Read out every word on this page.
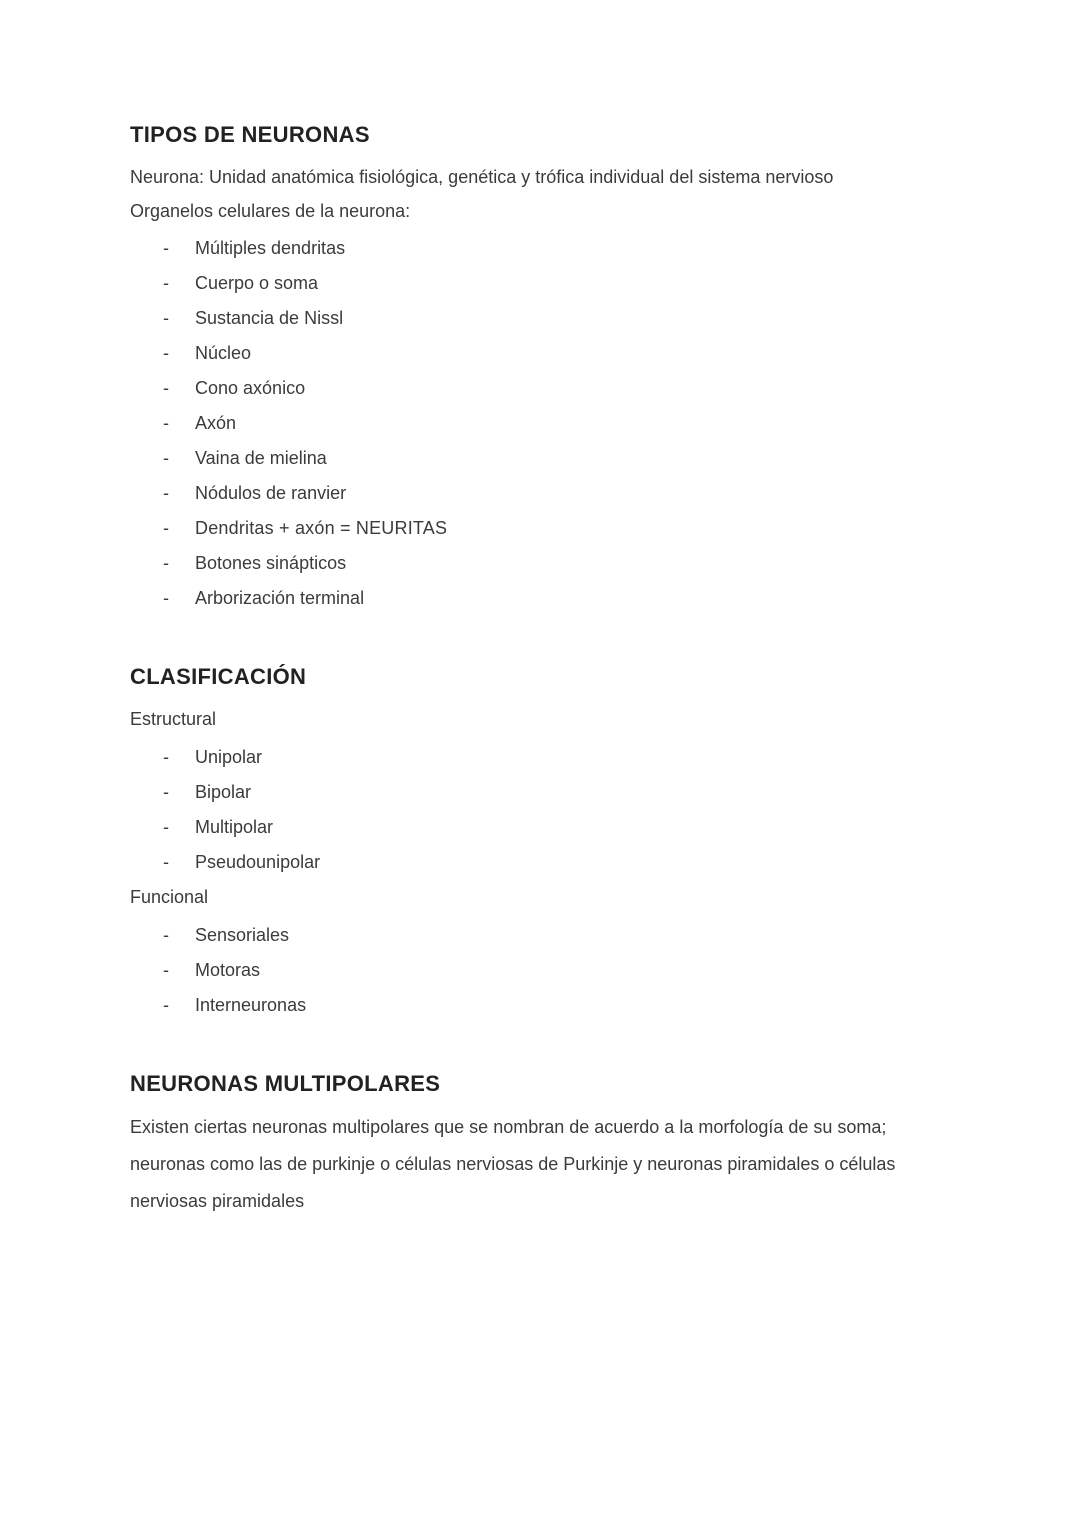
TIPOS DE NEURONAS

Neurona: Unidad anatómica fisiológica, genética y trófica individual del sistema nervioso

Organelos celulares de la neurona:

-	Múltiples dendritas
-	Cuerpo o soma
-	Sustancia de Nissl
-	Núcleo
-	Cono axónico
-	Axón
-	Vaina de mielina
-	Nódulos de ranvier
-	Dendritas + axón = NEURITAS
-	Botones sinápticos
-	Arborización terminal
CLASIFICACIÓN

Estructural

-	Unipolar
-	Bipolar
-	Multipolar
-	Pseudounipolar

Funcional

-	Sensoriales
-	Motoras
-	Interneuronas
NEURONAS MULTIPOLARES

Existen ciertas neuronas multipolares que se nombran de acuerdo a la morfología de su soma; neuronas como las de purkinje o células nerviosas de Purkinje y neuronas piramidales o células nerviosas piramidales
